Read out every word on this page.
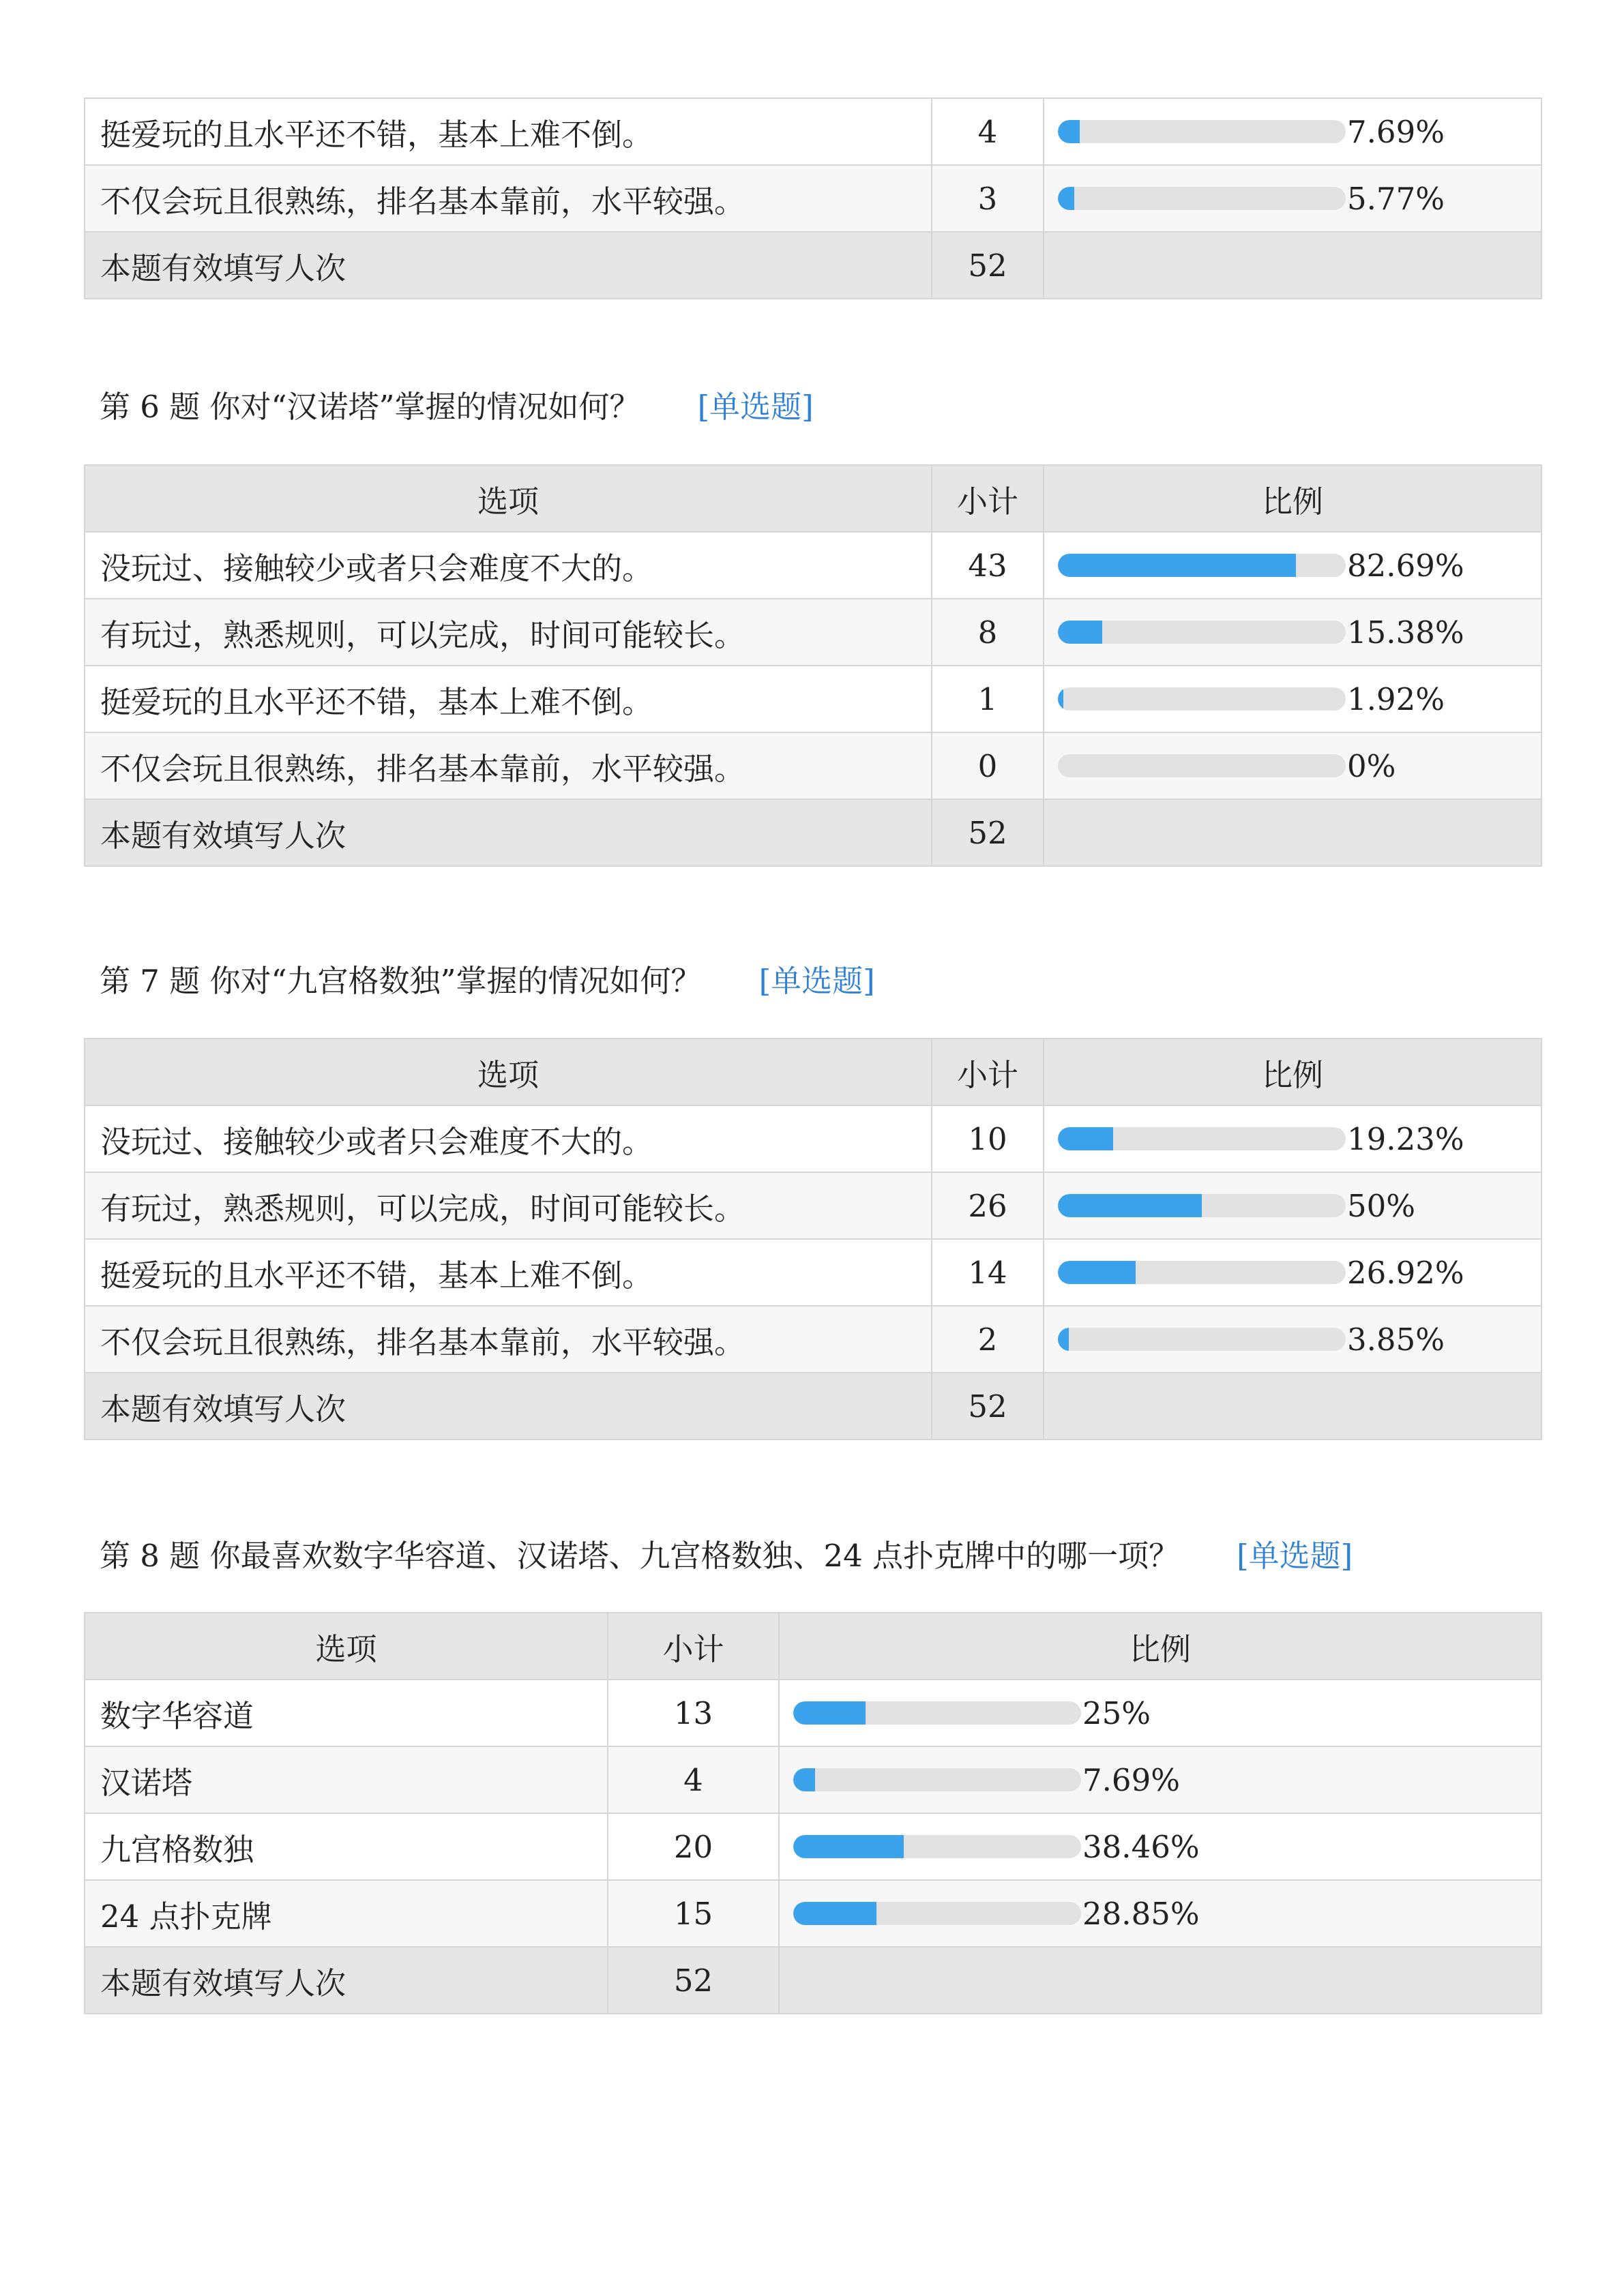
挺爱玩的且水平还不错，基本上难不倒。	4	7.69%

不仅会玩且很熟练，排名基本靠前，水平较强。	3	5.77%

本题有效填写人次	52	
第 6 题 你对“汉诺塔”掌握的情况如何？ [单选题]
选项	小计	比例
没玩过、接触较少或者只会难度不大的。	43	82.69%

有玩过，熟悉规则，可以完成，时间可能较长。	8	15.38%

挺爱玩的且水平还不错，基本上难不倒。	1	1.92%

不仅会玩且很熟练，排名基本靠前，水平较强。	0	0%

本题有效填写人次	52	
第 7 题 你对“九宫格数独”掌握的情况如何？ [单选题]
选项	小计	比例
没玩过、接触较少或者只会难度不大的。	10	19.23%

有玩过，熟悉规则，可以完成，时间可能较长。	26	50%

挺爱玩的且水平还不错，基本上难不倒。	14	26.92%

不仅会玩且很熟练，排名基本靠前，水平较强。	2	3.85%

本题有效填写人次	52	
第 8 题 你最喜欢数字华容道、汉诺塔、九宫格数独、24 点扑克牌中的哪一项？ [单选题]
选项	小计	比例
数字华容道	13	25%

汉诺塔	4	7.69%

九宫格数独	20	38.46%

24 点扑克牌	15	28.85%

本题有效填写人次	52	
